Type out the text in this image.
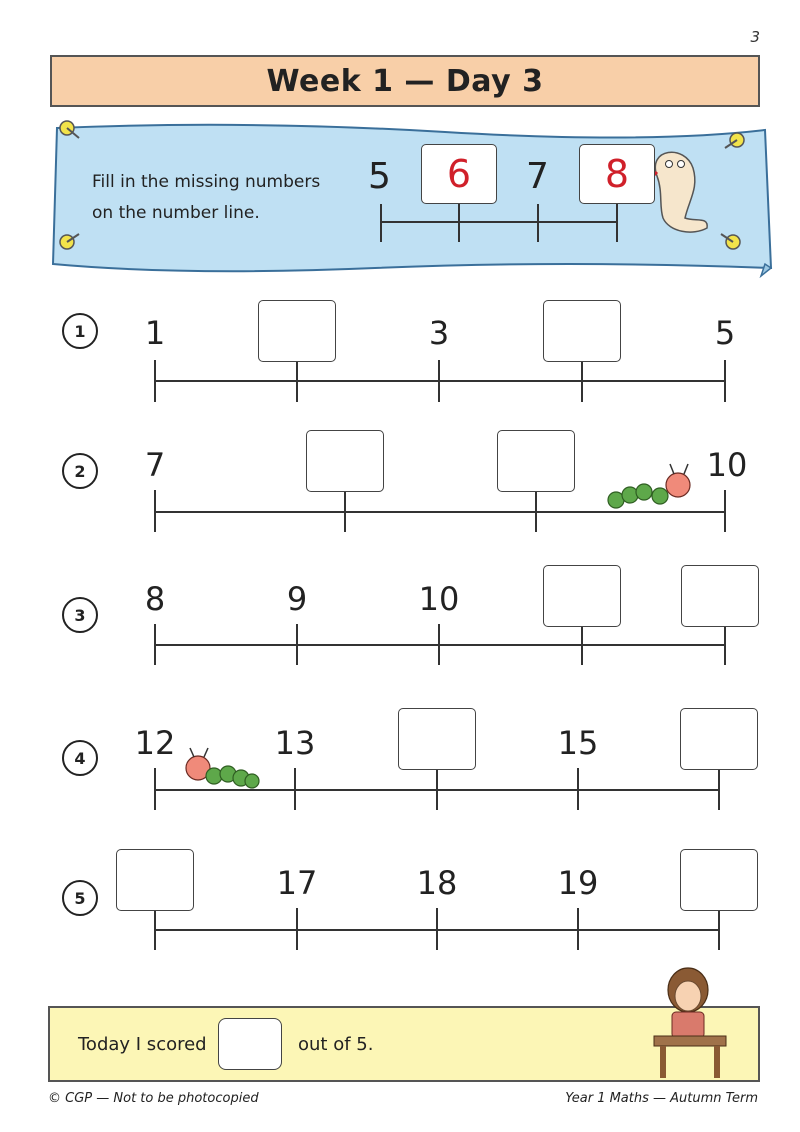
3
Week 1 — Day 3
Fill in the missing numbers
on the number line.
5 6 7 8
1	1	3	5
2	7	10
3	8	9	10
4	12	13	15
5	17	18	19
Today I scored	out of 5.
© CGP — Not to be photocopied	Year 1 Maths — Autumn Term
